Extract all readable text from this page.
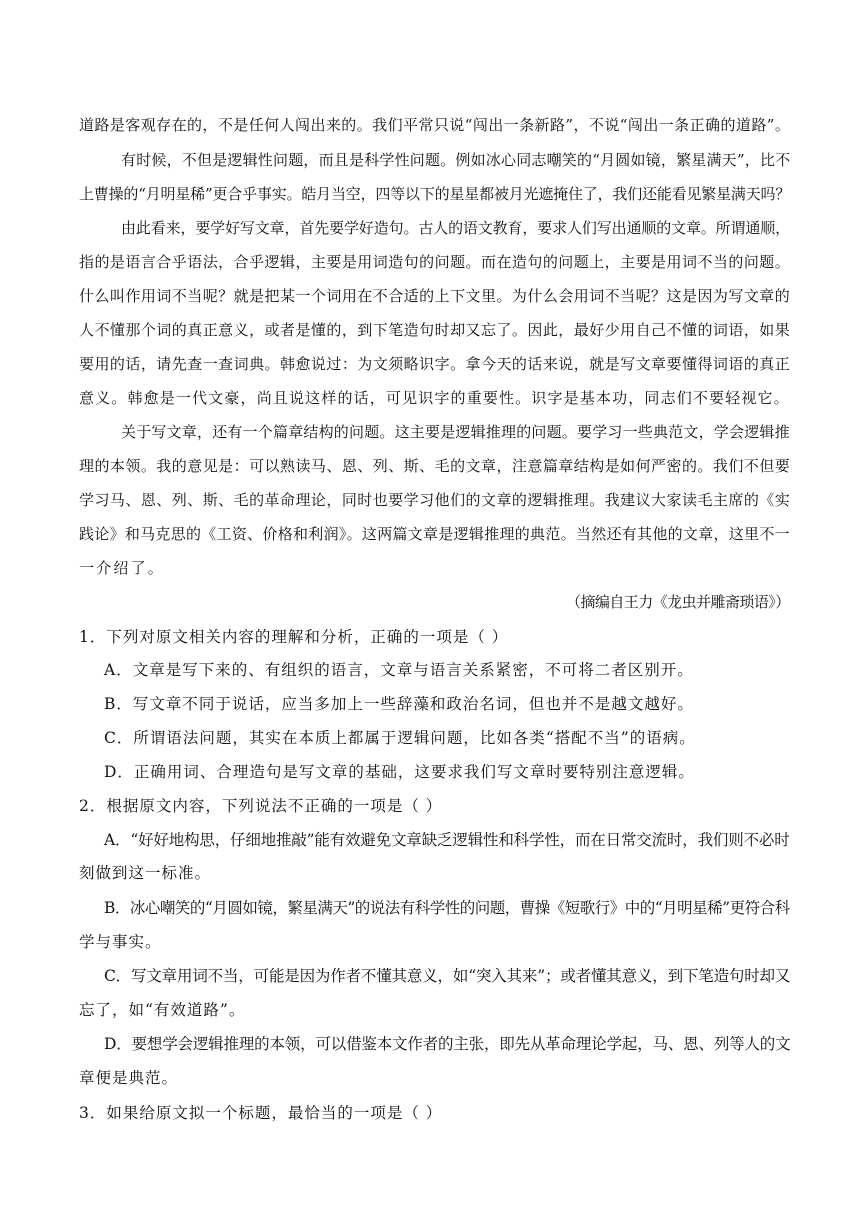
道路是客观存在的，不是任何人闯出来的。我们平常只说“闯出一条新路”，不说“闯出一条正确的道路”。
有时候，不但是逻辑性问题，而且是科学性问题。例如冰心同志嘲笑的“月圆如镜，繁星满天”，比不
上曹操的“月明星稀”更合乎事实。皓月当空，四等以下的星星都被月光遮掩住了，我们还能看见繁星满天吗？
由此看来，要学好写文章，首先要学好造句。古人的语文教育，要求人们写出通顺的文章。所谓通顺，
指的是语言合乎语法，合乎逻辑，主要是用词造句的问题。而在造句的问题上，主要是用词不当的问题。
什么叫作用词不当呢？就是把某一个词用在不合适的上下文里。为什么会用词不当呢？这是因为写文章的
人不懂那个词的真正意义，或者是懂的，到下笔造句时却又忘了。因此，最好少用自己不懂的词语，如果
要用的话，请先查一查词典。韩愈说过：为文须略识字。拿今天的话来说，就是写文章要懂得词语的真正
意义。韩愈是一代文豪，尚且说这样的话，可见识字的重要性。识字是基本功，同志们不要轻视它。
关于写文章，还有一个篇章结构的问题。这主要是逻辑推理的问题。要学习一些典范文，学会逻辑推
理的本领。我的意见是：可以熟读马、恩、列、斯、毛的文章，注意篇章结构是如何严密的。我们不但要
学习马、恩、列、斯、毛的革命理论，同时也要学习他们的文章的逻辑推理。我建议大家读毛主席的《实
践论》和马克思的《工资、价格和利润》。这两篇文章是逻辑推理的典范。当然还有其他的文章，这里不一
一介绍了。
（摘编自王力《龙虫并雕斋琐语》）
1．下列对原文相关内容的理解和分析，正确的一项是（ ）
A．文章是写下来的、有组织的语言，文章与语言关系紧密，不可将二者区别开。
B．写文章不同于说话，应当多加上一些辞藻和政治名词，但也并不是越文越好。
C．所谓语法问题，其实在本质上都属于逻辑问题，比如各类“搭配不当”的语病。
D．正确用词、合理造句是写文章的基础，这要求我们写文章时要特别注意逻辑。
2．根据原文内容，下列说法不正确的一项是（ ）
A．“好好地构思，仔细地推敲”能有效避免文章缺乏逻辑性和科学性，而在日常交流时，我们则不必时
刻做到这一标准。
B．冰心嘲笑的“月圆如镜，繁星满天”的说法有科学性的问题，曹操《短歌行》中的“月明星稀”更符合科
学与事实。
C．写文章用词不当，可能是因为作者不懂其意义，如“突入其来”；或者懂其意义，到下笔造句时却又
忘了，如“有效道路”。
D．要想学会逻辑推理的本领，可以借鉴本文作者的主张，即先从革命理论学起，马、恩、列等人的文
章便是典范。
3．如果给原文拟一个标题，最恰当的一项是（ ）
